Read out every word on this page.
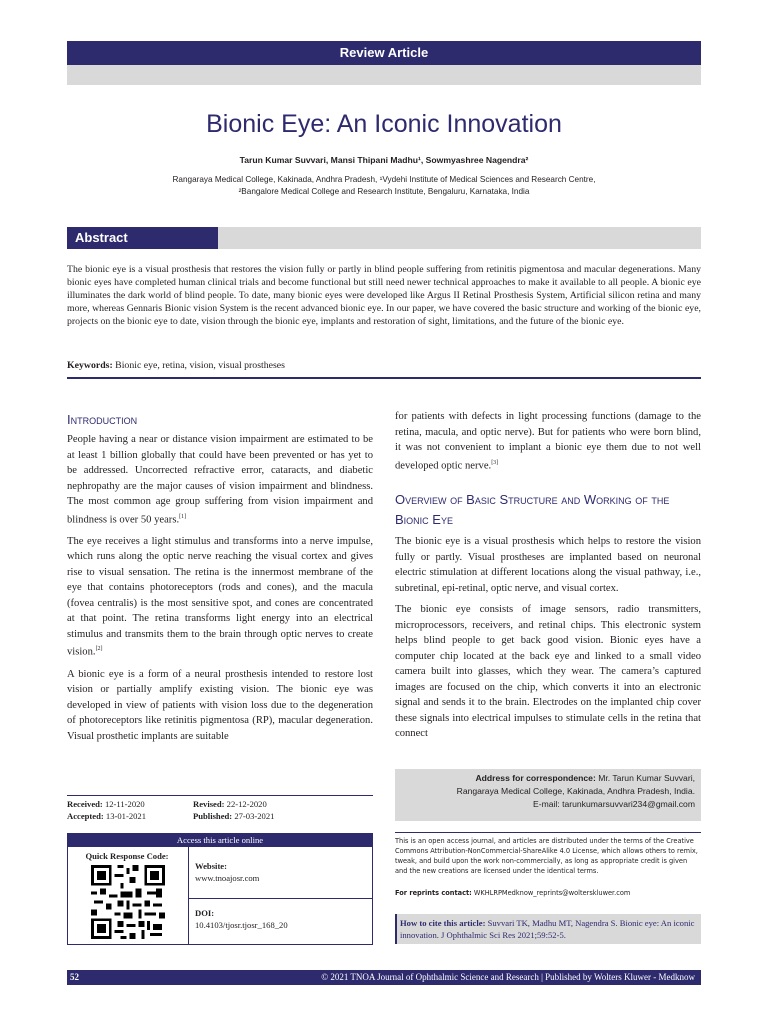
Review Article
Bionic Eye: An Iconic Innovation
Tarun Kumar Suvvari, Mansi Thipani Madhu¹, Sowmyashree Nagendra²
Rangaraya Medical College, Kakinada, Andhra Pradesh, ¹Vydehi Institute of Medical Sciences and Research Centre,
²Bangalore Medical College and Research Institute, Bengaluru, Karnataka, India
Abstract
The bionic eye is a visual prosthesis that restores the vision fully or partly in blind people suffering from retinitis pigmentosa and macular degenerations. Many bionic eyes have completed human clinical trials and become functional but still need newer technical approaches to make it available to all people. A bionic eye illuminates the dark world of blind people. To date, many bionic eyes were developed like Argus II Retinal Prosthesis System, Artificial silicon retina and many more, whereas Gennaris Bionic vision System is the recent advanced bionic eye. In our paper, we have covered the basic structure and working of the bionic eye, projects on the bionic eye to date, vision through the bionic eye, implants and restoration of sight, limitations, and the future of the bionic eye.
Keywords: Bionic eye, retina, vision, visual prostheses
Introduction

People having a near or distance vision impairment are estimated to be at least 1 billion globally that could have been prevented or has yet to be addressed. Uncorrected refractive error, cataracts, and diabetic nephropathy are the major causes of vision impairment and blindness. The most common age group suffering from vision impairment and blindness is over 50 years.[1]

The eye receives a light stimulus and transforms into a nerve impulse, which runs along the optic nerve reaching the visual cortex and gives rise to visual sensation. The retina is the innermost membrane of the eye that contains photoreceptors (rods and cones), and the macula (fovea centralis) is the most sensitive spot, and cones are concentrated at that point. The retina transforms light energy into an electrical stimulus and transmits them to the brain through optic nerves to create vision.[2]

A bionic eye is a form of a neural prosthesis intended to restore lost vision or partially amplify existing vision. The bionic eye was developed in view of patients with vision loss due to the degeneration of photoreceptors like retinitis pigmentosa (RP), macular degeneration. Visual prosthetic implants are suitable

for patients with defects in light processing functions (damage to the retina, macula, and optic nerve). But for patients who were born blind, it was not convenient to implant a bionic eye them due to not well developed optic nerve.[3]

Overview of Basic Structure and Working of the Bionic Eye

The bionic eye is a visual prosthesis which helps to restore the vision fully or partly. Visual prostheses are implanted based on neuronal electric stimulation at different locations along the visual pathway, i.e., subretinal, epi-retinal, optic nerve, and visual cortex.

The bionic eye consists of image sensors, radio transmitters, microprocessors, receivers, and retinal chips. This electronic system helps blind people to get back good vision. Bionic eyes have a computer chip located at the back eye and linked to a small video camera built into glasses, which they wear. The camera’s captured images are focused on the chip, which converts it into an electronic signal and sends it to the brain. Electrodes on the implanted chip cover these signals into electrical impulses to stimulate cells in the retina that connect

Address for correspondence: Mr. Tarun Kumar Suvvari,
Rangaraya Medical College, Kakinada, Andhra Pradesh, India.
E-mail: tarunkumarsuvvari234@gmail.com
Received: 12-11-2020	Revised: 22-12-2020
Accepted: 13-01-2021	Published: 27-03-2021
Access this article online
Quick Response Code:
Website:
www.tnoajosr.com
DOI:
10.4103/tjosr.tjosr_168_20
This is an open access journal, and articles are distributed under the terms of the Creative Commons Attribution-NonCommercial-ShareAlike 4.0 License, which allows others to remix, tweak, and build upon the work non-commercially, as long as appropriate credit is given and the new creations are licensed under the identical terms.
For reprints contact: WKHLRPMedknow_reprints@wolterskluwer.com
How to cite this article: Suvvari TK, Madhu MT, Nagendra S. Bionic eye: An iconic innovation. J Ophthalmic Sci Res 2021;59:52-5.
52	© 2021 TNOA Journal of Ophthalmic Science and Research | Published by Wolters Kluwer - Medknow
